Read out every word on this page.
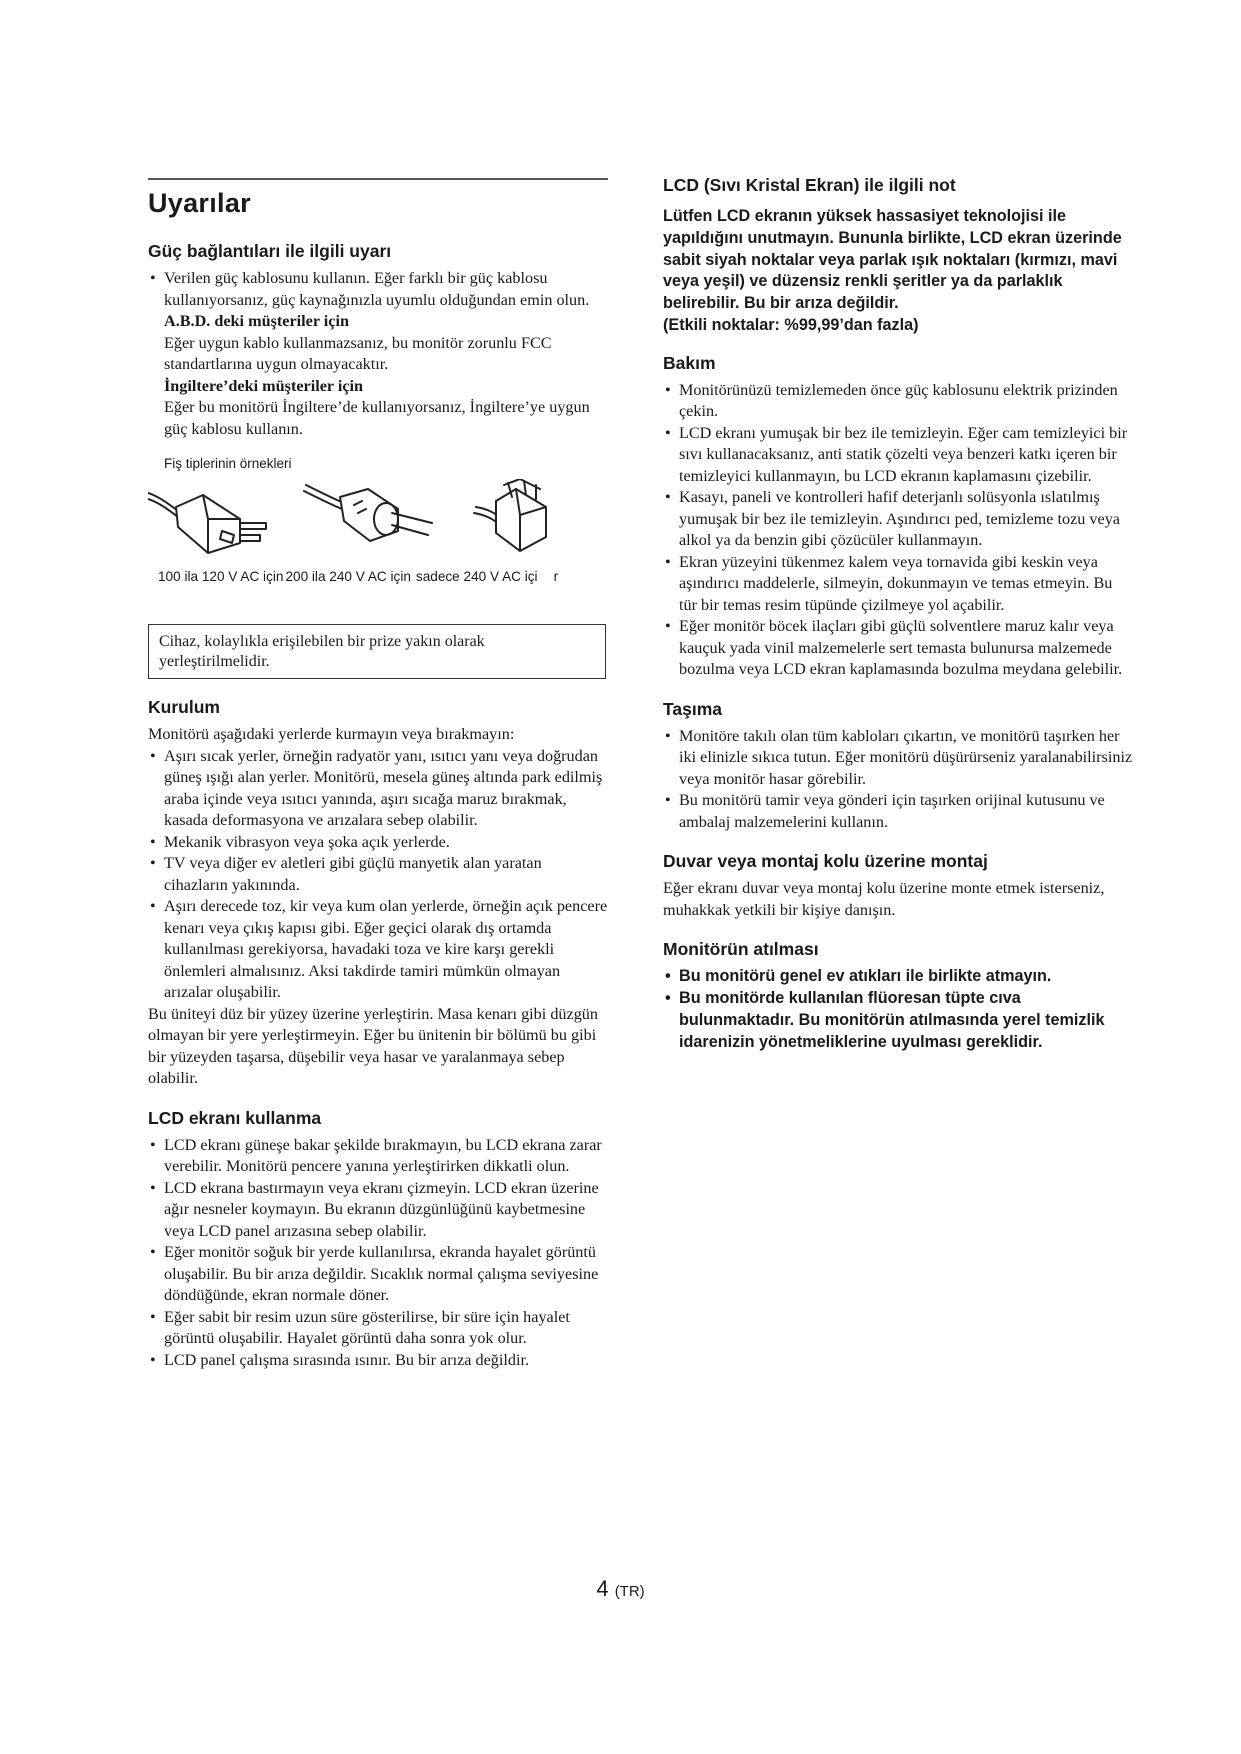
Uyarılar
Güç bağlantıları ile ilgili uyarı
• Verilen güç kablosunu kullanın. Eğer farklı bir güç kablosu kullanıyorsanız, güç kaynağınızla uyumlu olduğundan emin olun.
A.B.D. deki müşteriler için

Eğer uygun kablo kullanmazsanız, bu monitör zorunlu FCC standartlarına uygun olmayacaktır.

İngiltere’deki müşteriler için

Eğer bu monitörü İngiltere’de kullanıyorsanız, İngiltere’ye uygun güç kablosu kullanın.

Fiş tiplerinin örnekleri
100 ila 120 V AC için 200 ila 240 V AC için sadece 240 V AC içi r

Cihaz, kolaylıkla erişilebilen bir prize yakın olarak yerleştirilmelidir.

Kurulum

Monitörü aşağıdaki yerlerde kurmayın veya bırakmayın:

• Aşırı sıcak yerler, örneğin radyatör yanı, ısıtıcı yanı veya doğrudan güneş ışığı alan yerler. Monitörü, mesela güneş altında park edilmiş araba içinde veya ısıtıcı yanında, aşırı sıcağa maruz bırakmak, kasada deformasyona ve arızalara sebep olabilir.
• Mekanik vibrasyon veya şoka açık yerlerde.
• TV veya diğer ev aletleri gibi güçlü manyetik alan yaratan cihazların yakınında.
• Aşırı derecede toz, kir veya kum olan yerlerde, örneğin açık pencere kenarı veya çıkış kapısı gibi. Eğer geçici olarak dış ortamda kullanılması gerekiyorsa, havadaki toza ve kire karşı gerekli önlemleri almalısınız. Aksi takdirde tamiri mümkün olmayan arızalar oluşabilir.

Bu üniteyi düz bir yüzey üzerine yerleştirin. Masa kenarı gibi düzgün olmayan bir yere yerleştirmeyin. Eğer bu ünitenin bir bölümü bu gibi bir yüzeyden taşarsa, düşebilir veya hasar ve yaralanmaya sebep olabilir.

LCD ekranı kullanma
• LCD ekranı güneşe bakar şekilde bırakmayın, bu LCD ekrana zarar verebilir. Monitörü pencere yanına yerleştirirken dikkatli olun.
• LCD ekrana bastırmayın veya ekranı çizmeyin. LCD ekran üzerine ağır nesneler koymayın. Bu ekranın düzgünlüğünü kaybetmesine veya LCD panel arızasına sebep olabilir.
• Eğer monitör soğuk bir yerde kullanılırsa, ekranda hayalet görüntü oluşabilir. Bu bir arıza değildir. Sıcaklık normal çalışma seviyesine döndüğünde, ekran normale döner.
• Eğer sabit bir resim uzun süre gösterilirse, bir süre için hayalet görüntü oluşabilir. Hayalet görüntü daha sonra yok olur.
• LCD panel çalışma sırasında ısınır. Bu bir arıza değildir.
LCD (Sıvı Kristal Ekran) ile ilgili not

Lütfen LCD ekranın yüksek hassasiyet teknolojisi ile yapıldığını unutmayın. Bununla birlikte, LCD ekran üzerinde sabit siyah noktalar veya parlak ışık noktaları (kırmızı, mavi veya yeşil) ve düzensiz renkli şeritler ya da parlaklık belirebilir. Bu bir arıza değildir.

(Etkili noktalar: %99,99’dan fazla)

Bakım
• Monitörünüzü temizlemeden önce güç kablosunu elektrik prizinden çekin.
• LCD ekranı yumuşak bir bez ile temizleyin. Eğer cam temizleyici bir sıvı kullanacaksanız, anti statik çözelti veya benzeri katkı içeren bir temizleyici kullanmayın, bu LCD ekranın kaplamasını çizebilir.
• Kasayı, paneli ve kontrolleri hafif deterjanlı solüsyonla ıslatılmış yumuşak bir bez ile temizleyin. Aşındırıcı ped, temizleme tozu veya alkol ya da benzin gibi çözücüler kullanmayın.
• Ekran yüzeyini tükenmez kalem veya tornavida gibi keskin veya aşındırıcı maddelerle, silmeyin, dokunmayın ve temas etmeyin. Bu tür bir temas resim tüpünde çizilmeye yol açabilir.
• Eğer monitör böcek ilaçları gibi güçlü solventlere maruz kalır veya kauçuk yada vinil malzemelerle sert temasta bulunursa malzemede bozulma veya LCD ekran kaplamasında bozulma meydana gelebilir.
Taşıma
• Monitöre takılı olan tüm kabloları çıkartın, ve monitörü taşırken her iki elinizle sıkıca tutun. Eğer monitörü düşürürseniz yaralanabilirsiniz veya monitör hasar görebilir.
• Bu monitörü tamir veya gönderi için taşırken orijinal kutusunu ve ambalaj malzemelerini kullanın.
Duvar veya montaj kolu üzerine montaj

Eğer ekranı duvar veya montaj kolu üzerine monte etmek isterseniz, muhakkak yetkili bir kişiye danışın.

Monitörün atılması
• Bu monitörü genel ev atıkları ile birlikte atmayın.
• Bu monitörde kullanılan flüoresan tüpte cıva bulunmaktadır. Bu monitörün atılmasında yerel temizlik idarenizin yönetmeliklerine uyulması gereklidir.
4 (TR)
